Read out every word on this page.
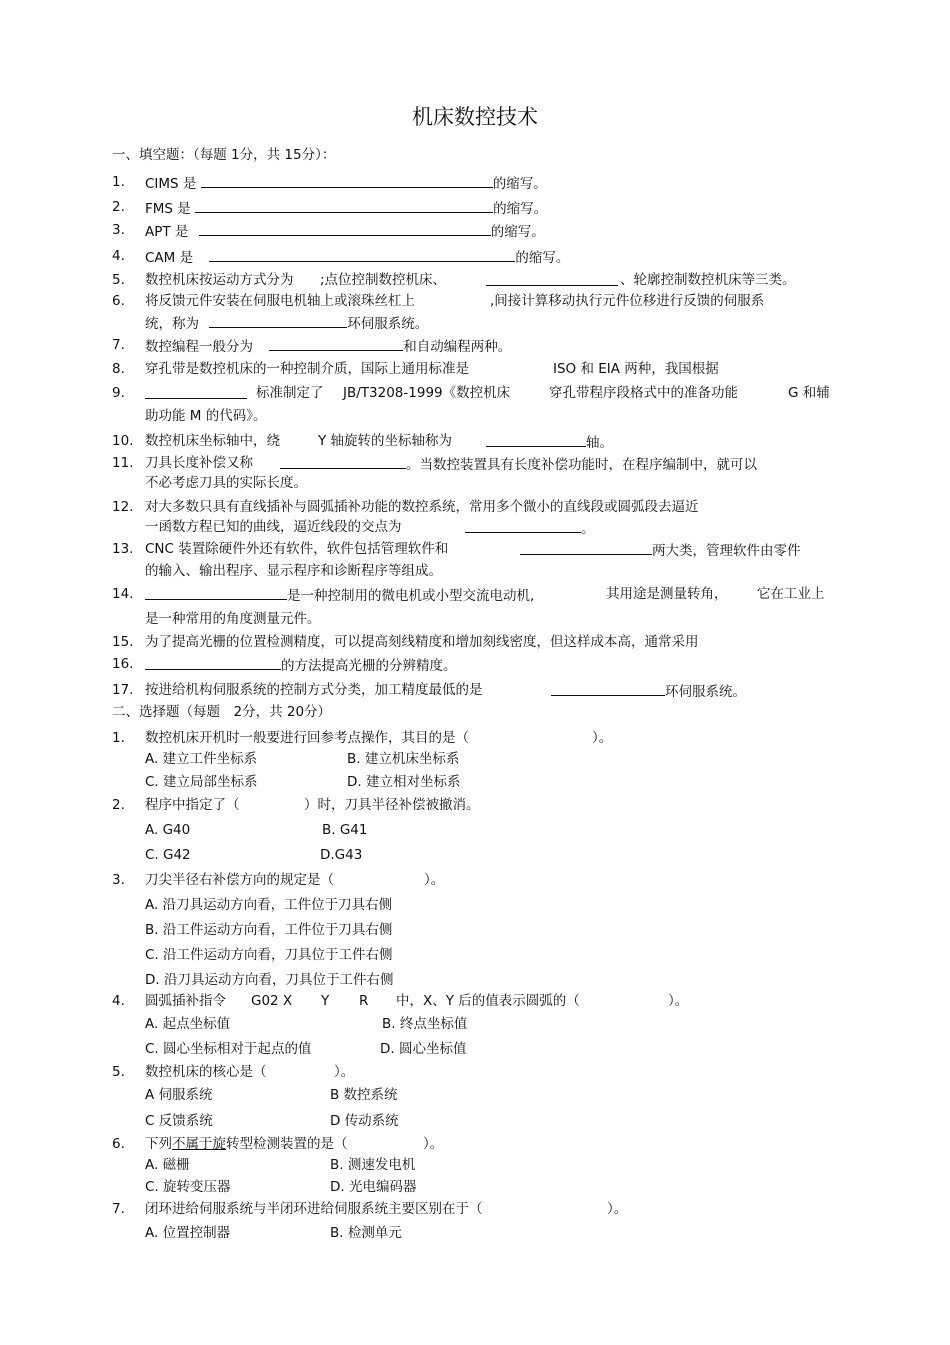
机床数控技术
一、填空题：（每题 1分，共 15分）：
1. CIMS 是	的缩写。
2. FMS 是	的缩写。
3. APT 是	的缩写。
4. CAM 是	的缩写。
5. 数控机床按运动方式分为 ;点位控制数控机床、	、轮廓控制数控机床等三类。
6. 将反馈元件安装在伺服电机轴上或滚珠丝杠上	,间接计算移动执行元件位移进行反馈的伺服系
统，称为	环伺服系统。
7. 数控编程一般分为	和自动编程两种。
8. 穿孔带是数控机床的一种控制介质，国际上通用标准是	ISO 和 EIA 两种，我国根据
9.	标准制定了 JB/T3208-1999《数控机床	穿孔带程序段格式中的准备功能	G 和辅
助功能 M 的代码》。
10. 数控机床坐标轴中，绕	Y 轴旋转的坐标轴称为	轴。
11. 刀具长度补偿又称	。当数控装置具有长度补偿功能时，在程序编制中，就可以
不必考虑刀具的实际长度。
12. 对大多数只具有直线插补与圆弧插补功能的数控系统，常用多个微小的直线段或圆弧段去逼近
一函数方程已知的曲线，逼近线段的交点为	。
13. CNC 装置除硬件外还有软件，软件包括管理软件和	两大类，管理软件由零件
的输入、输出程序、显示程序和诊断程序等组成。
14.	是一种控制用的微电机或小型交流电动机,	其用途是测量转角， 它在工业上
是一种常用的角度测量元件。
15. 为了提高光栅的位置检测精度，可以提高刻线精度和增加刻线密度，但这样成本高，通常采用
16.	的方法提高光栅的分辨精度。
17. 按进给机构伺服系统的控制方式分类，加工精度最低的是	环伺服系统。
二、选择题（每题　2分，共 20分）
1. 数控机床开机时一般要进行回参考点操作，其目的是（	）。
A. 建立工件坐标系	B. 建立机床坐标系
C. 建立局部坐标系	D. 建立相对坐标系
2. 程序中指定了（	）时，刀具半径补偿被撤消。
A. G40	B. G41
C. G42	D.G43
3. 刀尖半径右补偿方向的规定是（	）。
A. 沿刀具运动方向看，工件位于刀具右侧
B. 沿工件运动方向看，工件位于刀具右侧
C. 沿工件运动方向看，刀具位于工件右侧
D. 沿刀具运动方向看，刀具位于工件右侧
4. 圆弧插补指令 G02 X Y R 中，X、Y 后的值表示圆弧的（	）。
A. 起点坐标值	B. 终点坐标值
C. 圆心坐标相对于起点的值	D. 圆心坐标值
5. 数控机床的核心是（	）。
A 伺服系统	B 数控系统
C 反馈系统	D 传动系统
6. 下列不属于旋转型检测装置的是（	）。
A. 磁栅	B. 测速发电机
C. 旋转变压器	D. 光电编码器
7. 闭环进给伺服系统与半闭环进给伺服系统主要区别在于（	）。
A. 位置控制器	B. 检测单元
